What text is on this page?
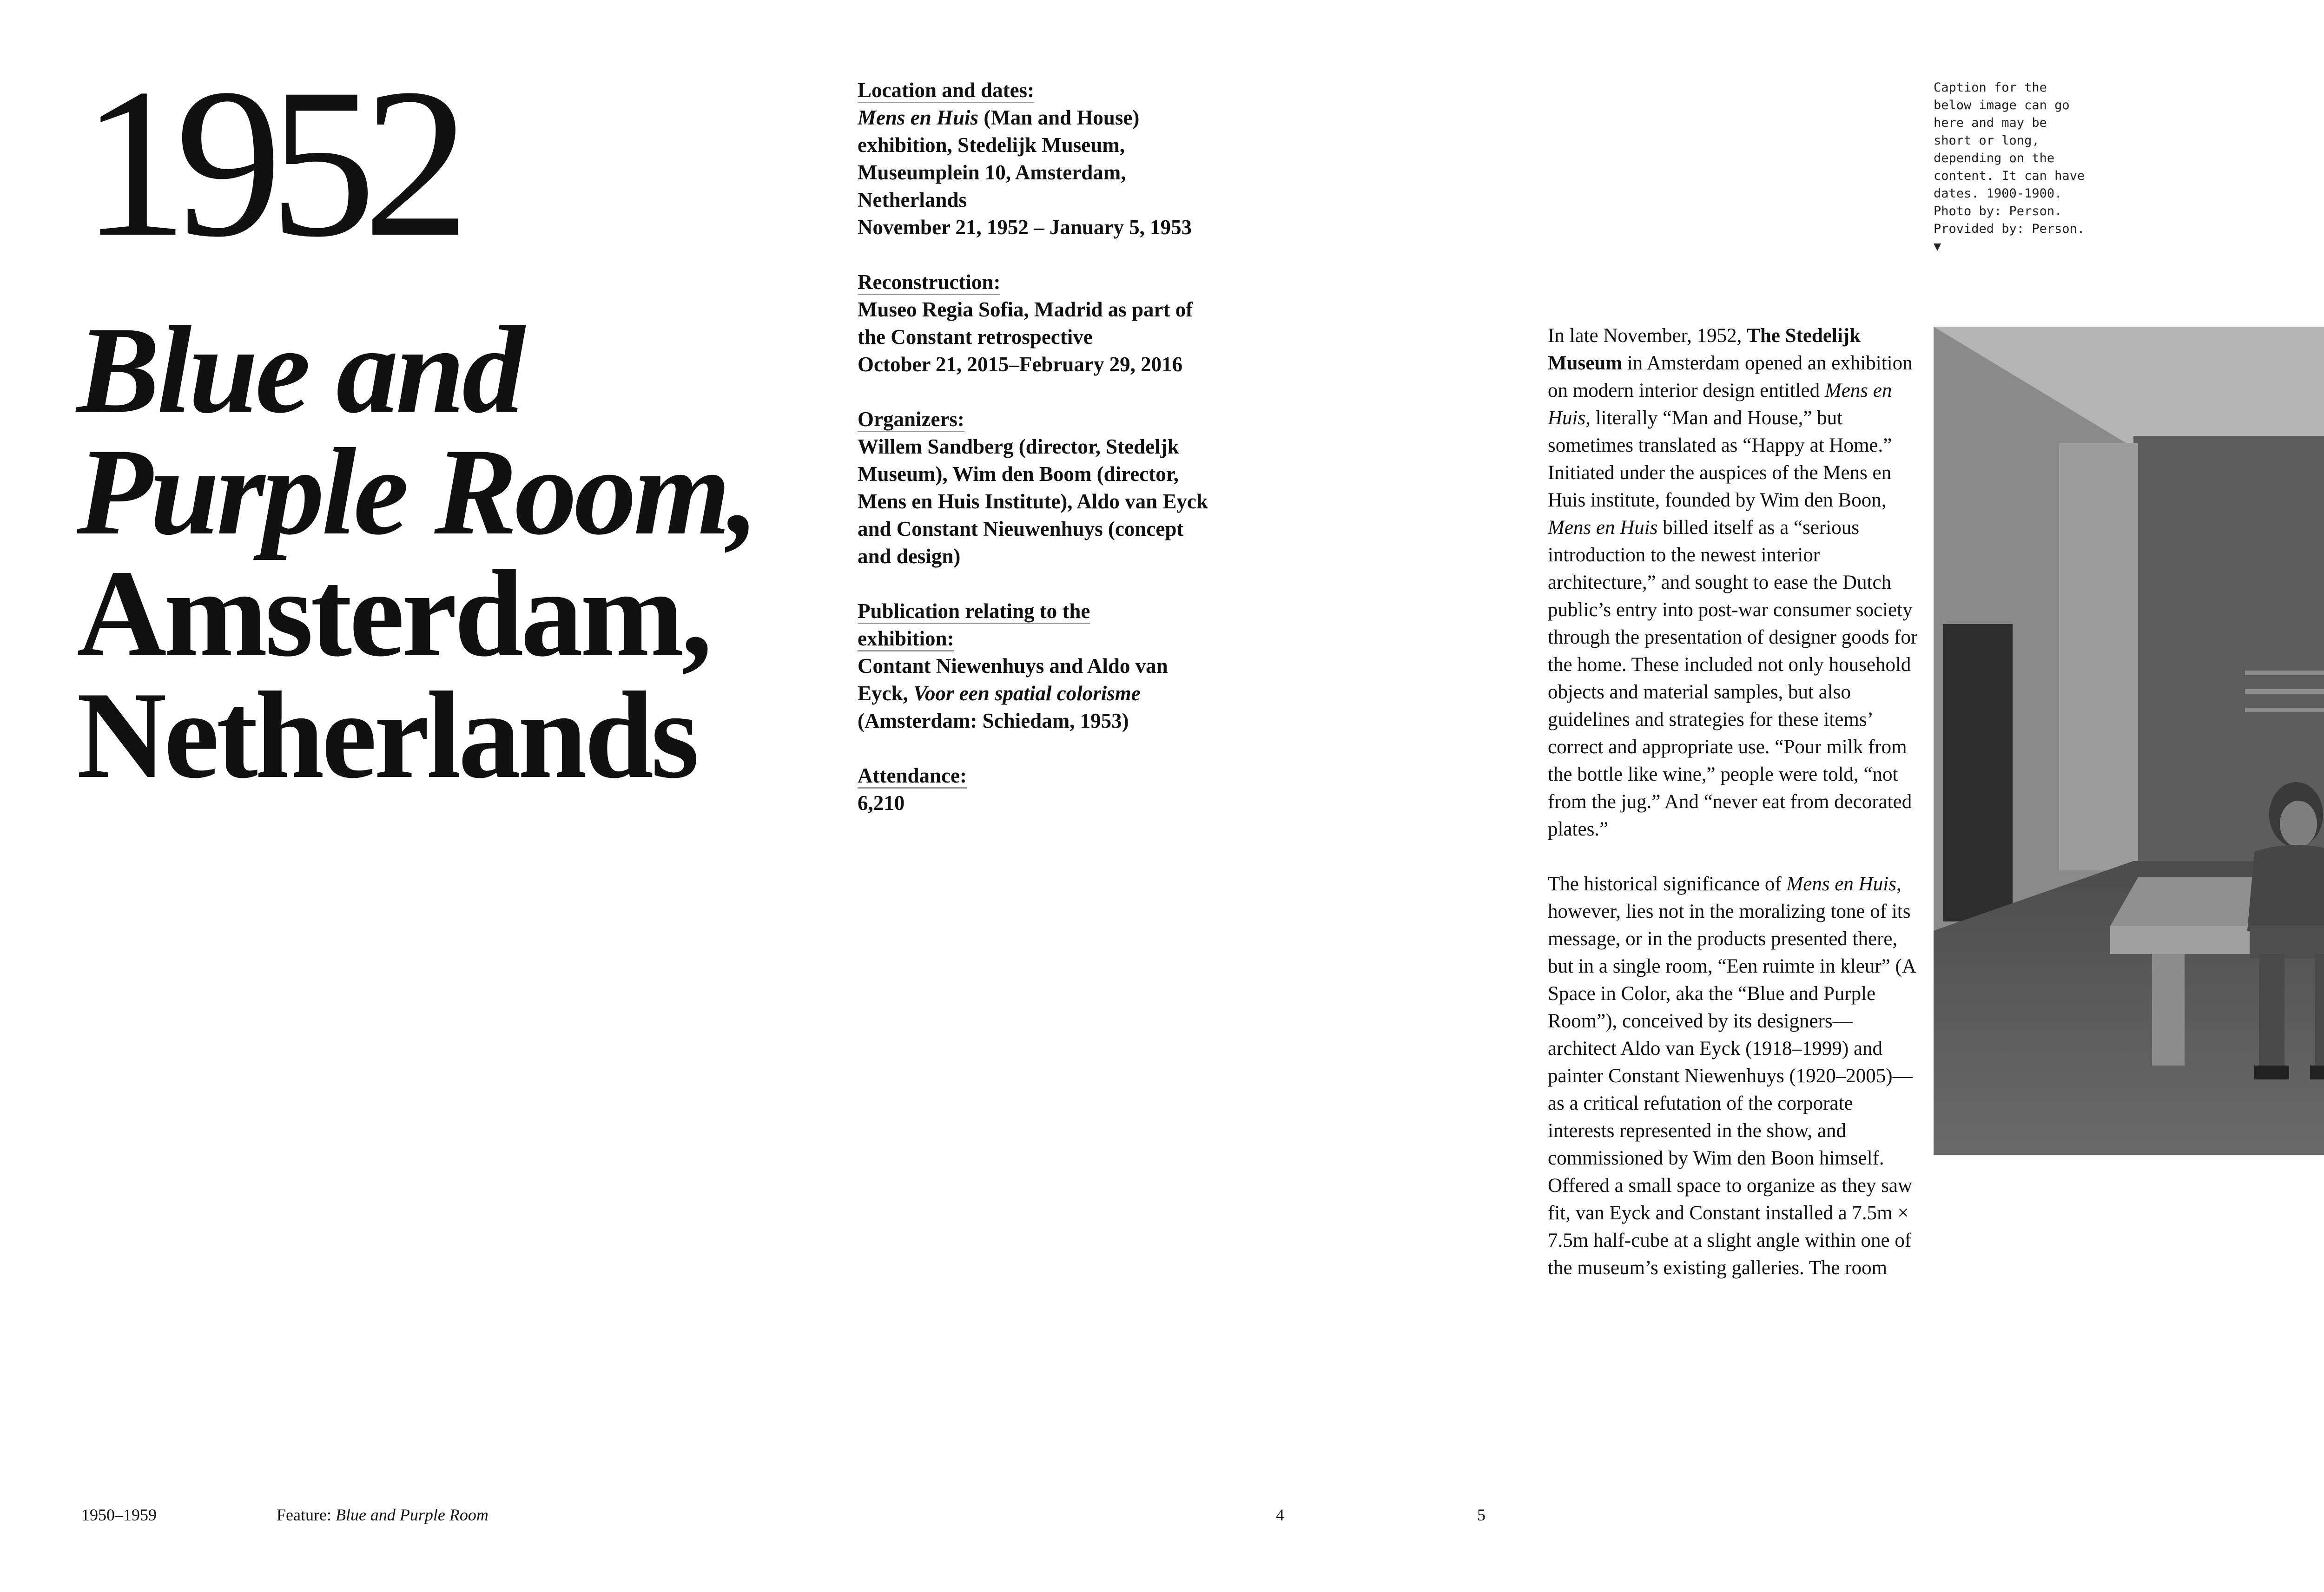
1952
Blue and
Purple Room,
Amsterdam,
Netherlands
Location and dates:
Mens en Huis (Man and House) exhibition, Stedelijk Museum, Museumplein 10, Amsterdam, Netherlands
November 21, 1952 – January 5, 1953
Reconstruction:
Museo Regia Sofia, Madrid as part of the Constant retrospective
October 21, 2015–February 29, 2016
Organizers:
Willem Sandberg (director, Stedeljk Museum), Wim den Boom (director, Mens en Huis Institute), Aldo van Eyck and Constant Nieuwenhuys (concept and design)
Publication relating to the
exhibition:
Contant Niewenhuys and Aldo van Eyck, Voor een spatial colorisme (Amsterdam: Schiedam, 1953)
Attendance:
6,210
Caption for the below image can go here and may be short or long, depending on the content. It can have dates. 1900-1900. Photo by: Person. Provided by: Person. ▼

In late November, 1952, The Stedelijk Museum in Amsterdam opened an exhibition on modern interior design entitled Mens en Huis, literally “Man and House,” but sometimes translated as “Happy at Home.” Initiated under the auspices of the Mens en Huis institute, founded by Wim den Boon, Mens en Huis billed itself as a “serious introduction to the newest interior architecture,” and sought to ease the Dutch public’s entry into post-war consumer society through the presentation of designer goods for the home. These included not only household objects and material samples, but also guidelines and strategies for these items’ correct and appropriate use. “Pour milk from the bottle like wine,” people were told, “not from the jug.” And “never eat from decorated plates.”

The historical significance of Mens en Huis, however, lies not in the moralizing tone of its message, or in the products presented there, but in a single room, “Een ruimte in kleur” (A Space in Color, aka the “Blue and Purple Room”), conceived by its designers—architect Aldo van Eyck (1918–1999) and painter Constant Niewenhuys (1920–2005)—as a critical refutation of the corporate interests represented in the show, and commissioned by Wim den Boon himself. Offered a small space to organize as they saw fit, van Eyck and Constant installed a 7.5m × 7.5m half-cube at a slight angle within one of the museum’s existing galleries. The room

1950–1959	Feature: Blue and Purple Room	4	5
